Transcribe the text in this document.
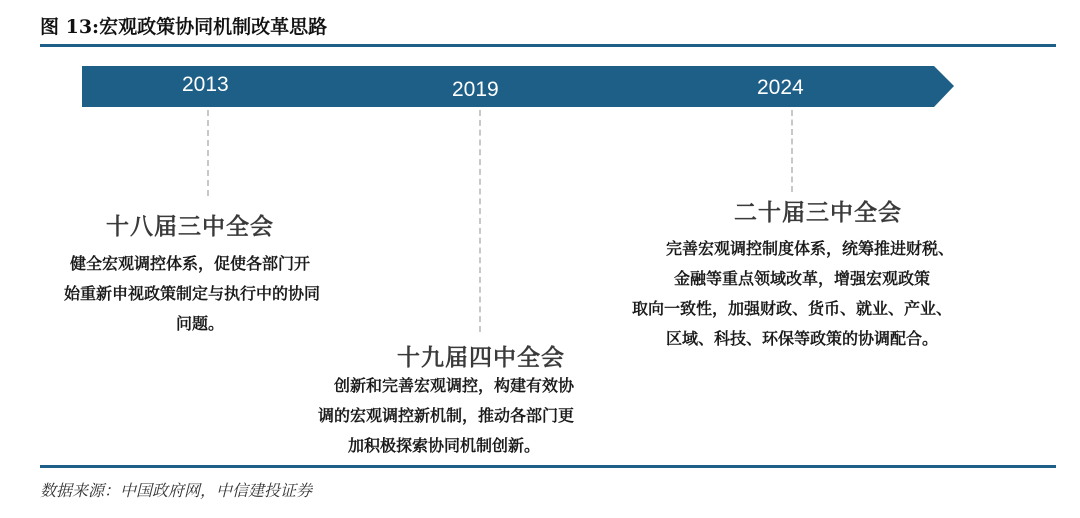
图 13:宏观政策协同机制改革思路
2013	2019	2024
十八届三中全会
健全宏观调控体系，促使各部门开
始重新申视政策制定与执行中的协同
问题。
十九届四中全会
创新和完善宏观调控，构建有效协
调的宏观调控新机制，推动各部门更
加积极探索协同机制创新。
二十届三中全会
完善宏观调控制度体系，统筹推进财税、
金融等重点领域改革，增强宏观政策
取向一致性，加强财政、货币、就业、产业、
区域、科技、环保等政策的协调配合。
数据来源：中国政府网，中信建投证券
